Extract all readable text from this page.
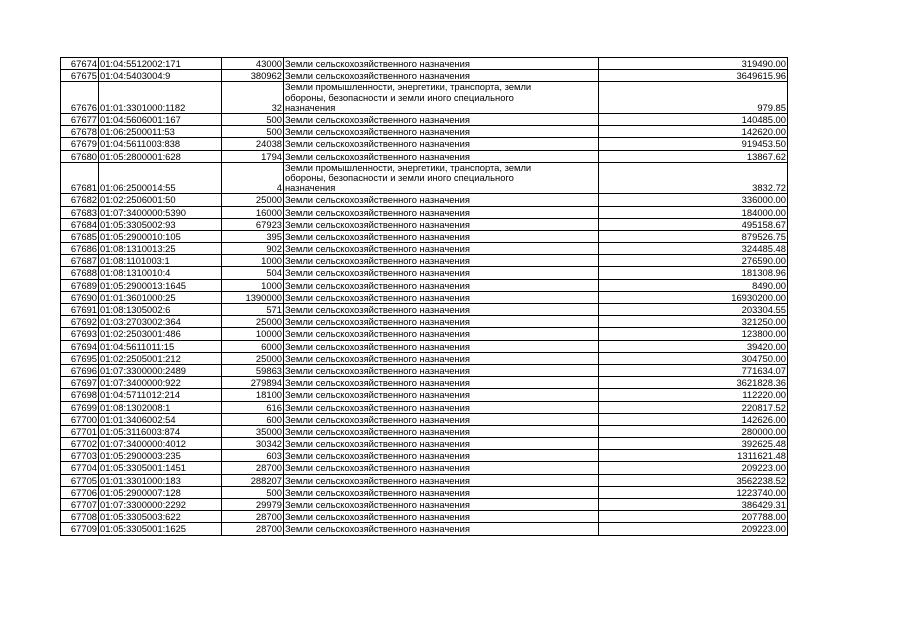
67674	01:04:5512002:171	43000	Земли сельскохозяйственного назначения	319490.00
67675	01:04:5403004:9	380962	Земли сельскохозяйственного назначения	3649615.96
67676	01:01:3301000:1182	32	Земли промышленности, энергетики, транспорта, земли
обороны, безопасности и земли иного специального
назначения	979.85
67677	01:04:5606001:167	500	Земли сельскохозяйственного назначения	140485.00
67678	01:06:2500011:53	500	Земли сельскохозяйственного назначения	142620.00
67679	01:04:5611003:838	24038	Земли сельскохозяйственного назначения	919453.50
67680	01:05:2800001:628	1794	Земли сельскохозяйственного назначения	13867.62
67681	01:06:2500014:55	4	Земли промышленности, энергетики, транспорта, земли
обороны, безопасности и земли иного специального
назначения	3832.72
67682	01:02:2506001:50	25000	Земли сельскохозяйственного назначения	336000.00
67683	01:07:3400000:5390	16000	Земли сельскохозяйственного назначения	184000.00
67684	01:05:3305002:93	67923	Земли сельскохозяйственного назначения	495158.67
67685	01:05:2900010:105	395	Земли сельскохозяйственного назначения	879526.75
67686	01:08:1310013:25	902	Земли сельскохозяйственного назначения	324485.48
67687	01:08:1101003:1	1000	Земли сельскохозяйственного назначения	276590.00
67688	01:08:1310010:4	504	Земли сельскохозяйственного назначения	181308.96
67689	01:05:2900013:1645	1000	Земли сельскохозяйственного назначения	8490.00
67690	01:01:3601000:25	1390000	Земли сельскохозяйственного назначения	16930200.00
67691	01:08:1305002:6	571	Земли сельскохозяйственного назначения	203304.55
67692	01:03:2703002:364	25000	Земли сельскохозяйственного назначения	321250.00
67693	01:02:2503001:486	10000	Земли сельскохозяйственного назначения	123800.00
67694	01:04:5611011:15	6000	Земли сельскохозяйственного назначения	39420.00
67695	01:02:2505001:212	25000	Земли сельскохозяйственного назначения	304750.00
67696	01:07:3300000:2489	59863	Земли сельскохозяйственного назначения	771634.07
67697	01:07:3400000:922	279894	Земли сельскохозяйственного назначения	3621828.36
67698	01:04:5711012:214	18100	Земли сельскохозяйственного назначения	112220.00
67699	01:08:1302008:1	616	Земли сельскохозяйственного назначения	220817.52
67700	01:01:3406002:54	600	Земли сельскохозяйственного назначения	142626.00
67701	01:05:3116003:874	35000	Земли сельскохозяйственного назначения	280000.00
67702	01:07:3400000:4012	30342	Земли сельскохозяйственного назначения	392625.48
67703	01:05:2900003:235	603	Земли сельскохозяйственного назначения	1311621.48
67704	01:05:3305001:1451	28700	Земли сельскохозяйственного назначения	209223.00
67705	01:01:3301000:183	288207	Земли сельскохозяйственного назначения	3562238.52
67706	01:05:2900007:128	500	Земли сельскохозяйственного назначения	1223740.00
67707	01:07:3300000:2292	29979	Земли сельскохозяйственного назначения	386429.31
67708	01:05:3305003:622	28700	Земли сельскохозяйственного назначения	207788.00
67709	01:05:3305001:1625	28700	Земли сельскохозяйственного назначения	209223.00
